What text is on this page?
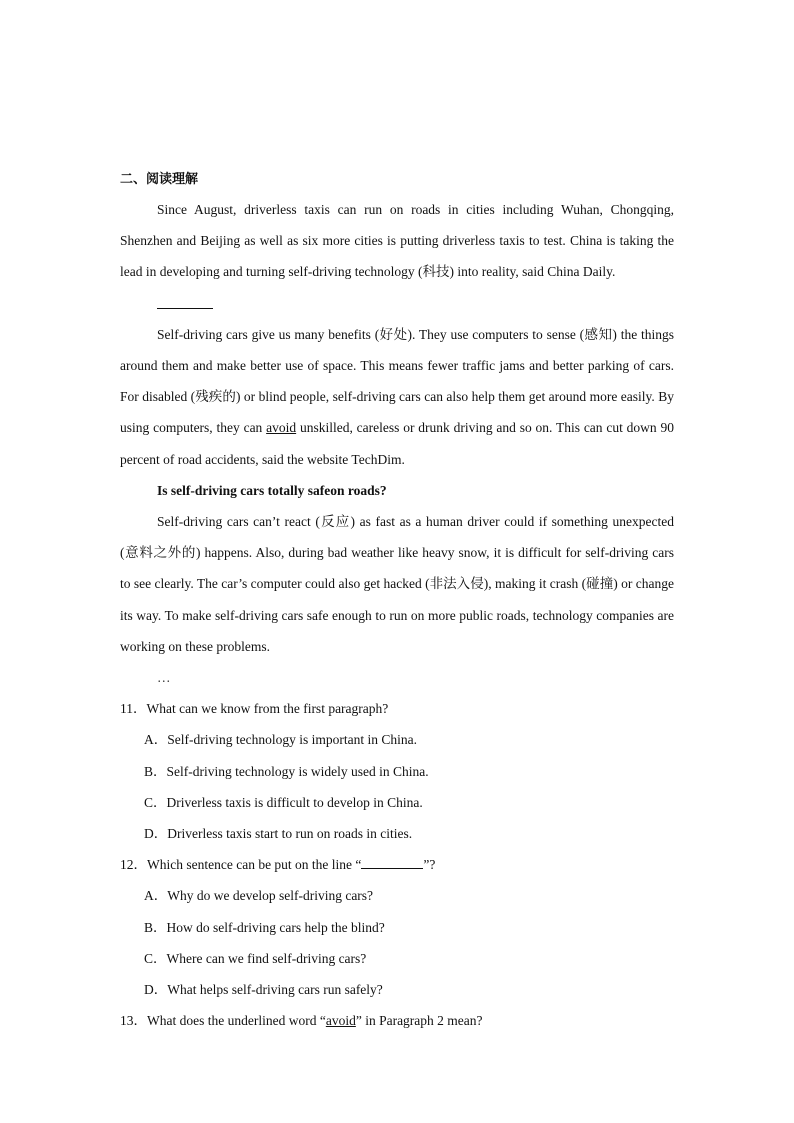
二、阅读理解

Since August, driverless taxis can run on roads in cities including Wuhan, Chongqing, Shenzhen and Beijing as well as six more cities is putting driverless taxis to test. China is taking the lead in developing and turning self-driving technology (科技) into reality, said China Daily.

Self-driving cars give us many benefits (好处). They use computers to sense (感知) the things around them and make better use of space. This means fewer traffic jams and better parking of cars. For disabled (残疾的) or blind people, self-driving cars can also help them get around more easily. By using computers, they can avoid unskilled, careless or drunk driving and so on. This can cut down 90 percent of road accidents, said the website TechDim.

Is self-driving cars totally safeon roads?

Self-driving cars can’t react (反应) as fast as a human driver could if something unexpected (意料之外的) happens. Also, during bad weather like heavy snow, it is difficult for self-driving cars to see clearly. The car’s computer could also get hacked (非法入侵), making it crash (碰撞) or change its way. To make self-driving cars safe enough to run on more public roads, technology companies are working on these problems.

…

11．What can we know from the first paragraph?

A．Self-driving technology is important in China.

B．Self-driving technology is widely used in China.

C．Driverless taxis is difficult to develop in China.

D．Driverless taxis start to run on roads in cities.

12．Which sentence can be put on the line “	”?

A．Why do we develop self-driving cars?

B．How do self-driving cars help the blind?

C．Where can we find self-driving cars?

D．What helps self-driving cars run safely?

13．What does the underlined word “avoid” in Paragraph 2 mean?
